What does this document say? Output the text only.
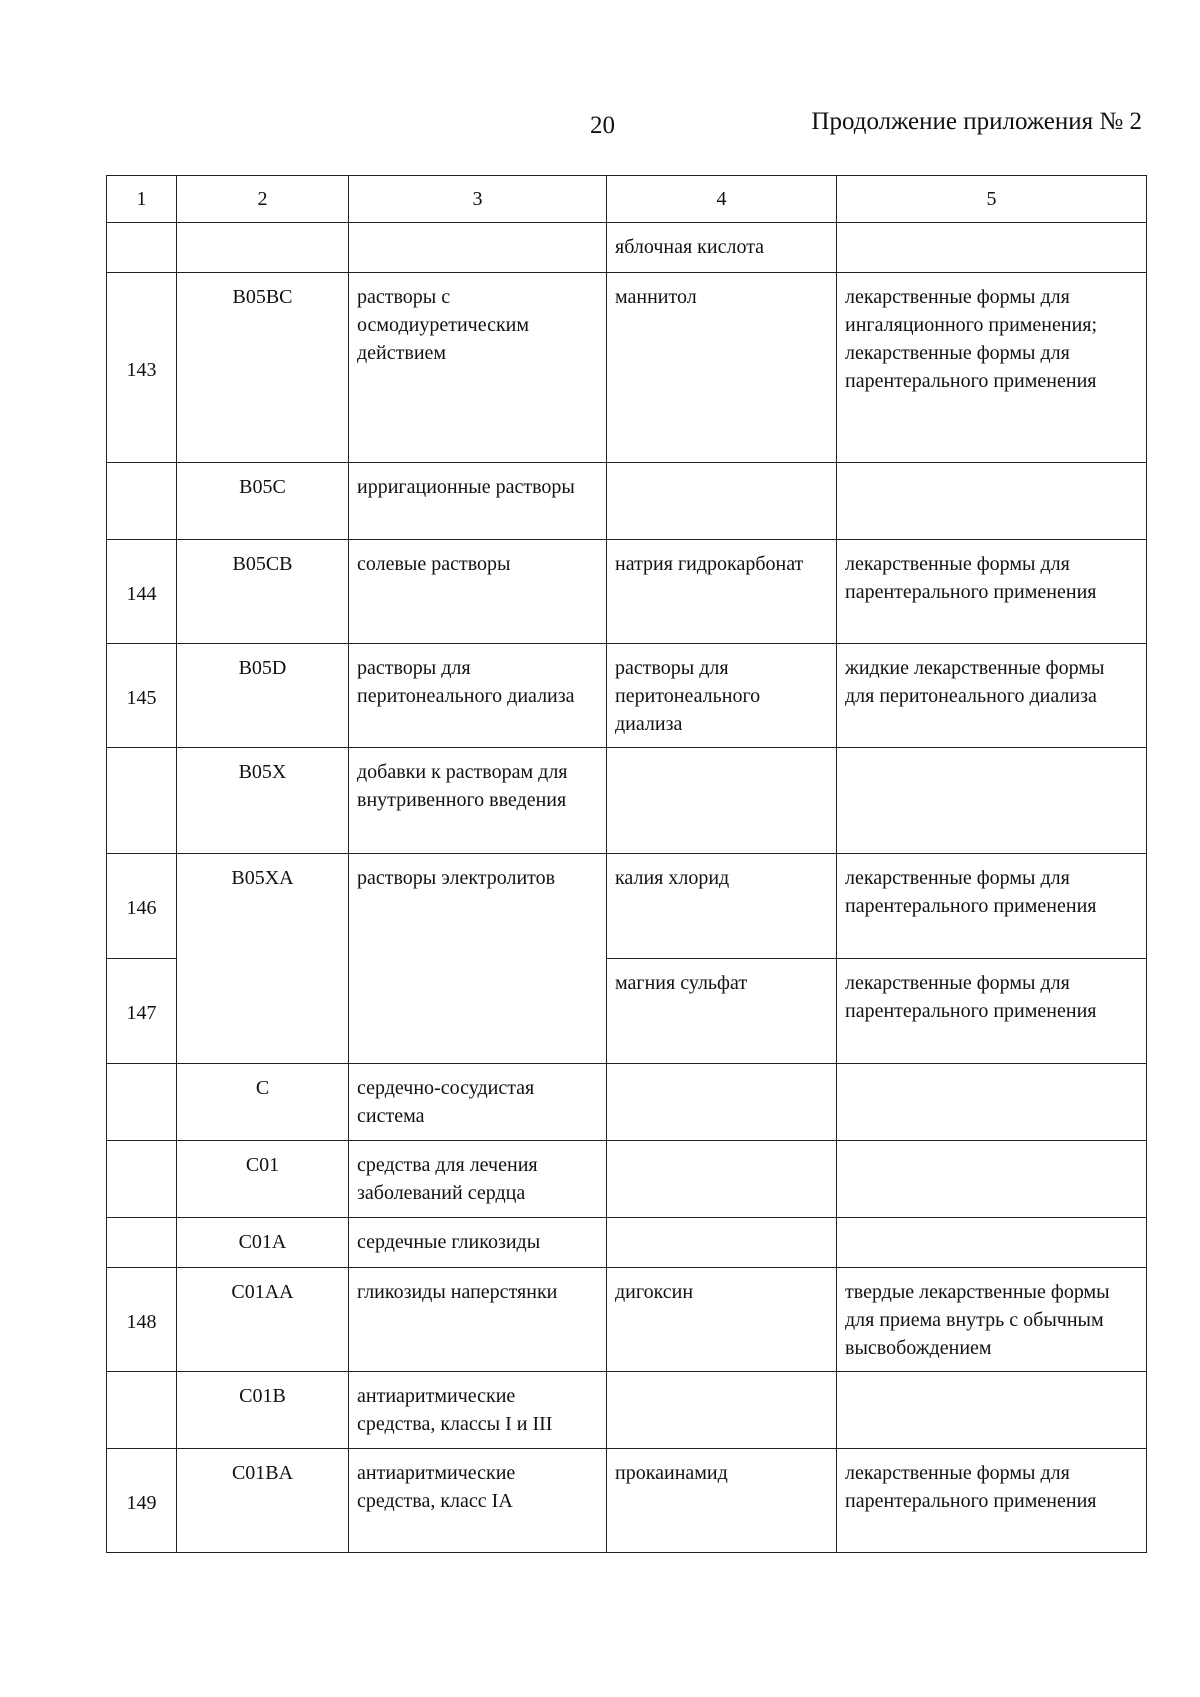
20	Продолжение приложения № 2
1	2	3	4	5
			яблочная кислота	
143	B05BC	растворы с осмодиуретическим действием	маннитол	лекарственные формы для ингаляционного применения; лекарственные формы для парентерального применения
	B05C	ирригационные растворы		
144	B05CB	солевые растворы	натрия гидрокарбонат	лекарственные формы для парентерального применения
145	B05D	растворы для перитонеального диализа	растворы для перитонеального диализа	жидкие лекарственные формы для перитонеального диализа
	B05X	добавки к растворам для внутривенного введения		
146	B05XA	растворы электролитов	калия хлорид	лекарственные формы для парентерального применения
147			магния сульфат	лекарственные формы для парентерального применения
	C	сердечно-сосудистая система		
	C01	средства для лечения заболеваний сердца		
	C01A	сердечные гликозиды		
148	C01AA	гликозиды наперстянки	дигоксин	твердые лекарственные формы для приема внутрь с обычным высвобождением
	C01B	антиаритмические средства, классы I и III		
149	C01BA	антиаритмические средства, класс IA	прокаинамид	лекарственные формы для парентерального применения
